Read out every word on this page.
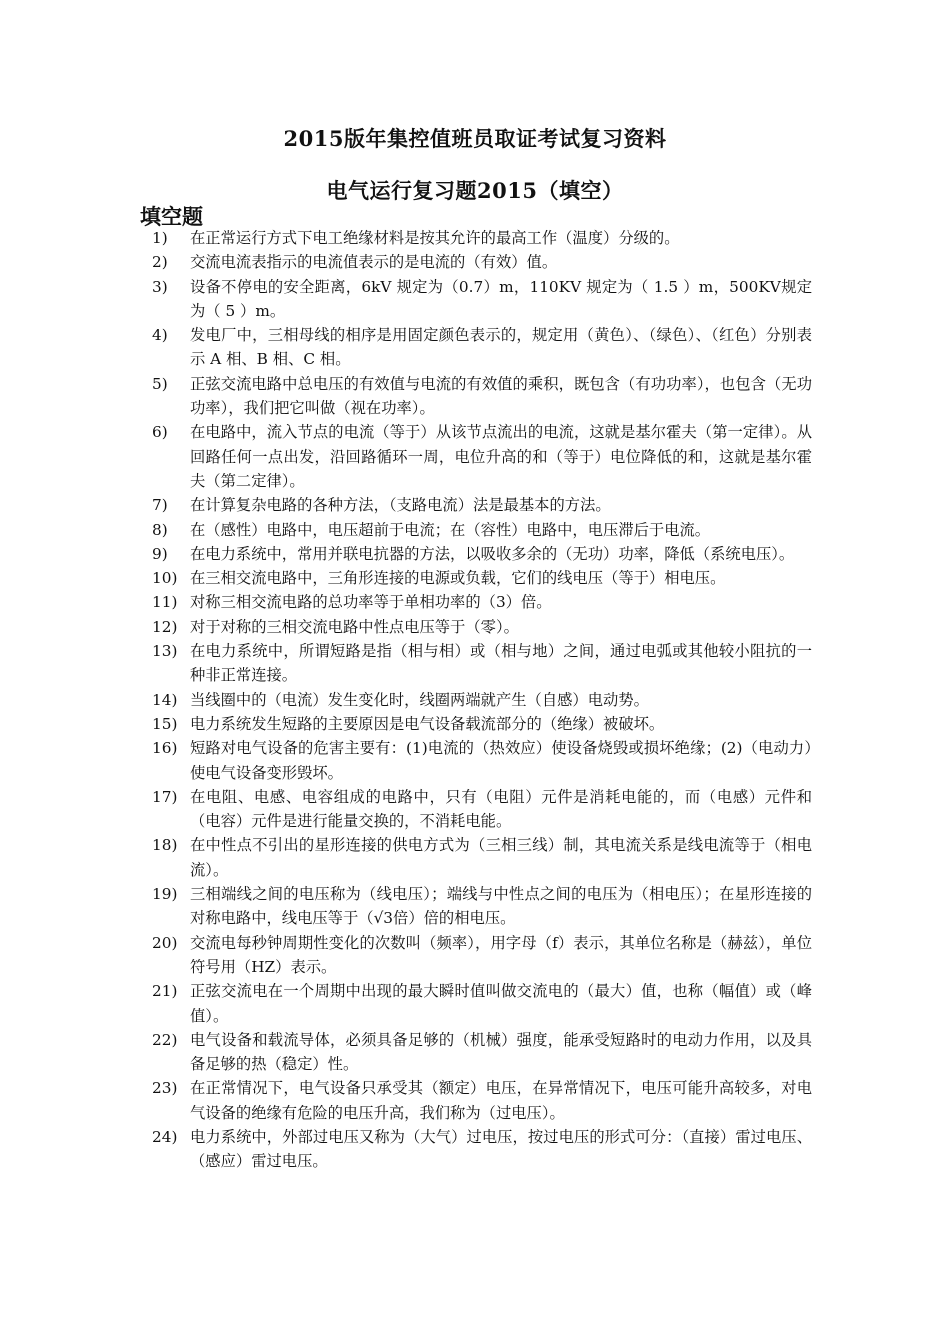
2015版年集控值班员取证考试复习资料
电气运行复习题2015（填空）
填空题
1)	在正常运行方式下电工绝缘材料是按其允许的最高工作（温度）分级的。
2)	交流电流表指示的电流值表示的是电流的（有效）值。
3)	设备不停电的安全距离，6kV 规定为（0.7）m，110KV 规定为（ 1.5 ）m，500KV规定为（ 5 ）m。
4)	发电厂中，三相母线的相序是用固定颜色表示的，规定用（黄色）、（绿色）、（红色）分别表示 A 相、B 相、C 相。
5)	正弦交流电路中总电压的有效值与电流的有效值的乘积，既包含（有功功率），也包含（无功功率），我们把它叫做（视在功率）。
6)	在电路中，流入节点的电流（等于）从该节点流出的电流，这就是基尔霍夫（第一定律）。从回路任何一点出发，沿回路循环一周，电位升高的和（等于）电位降低的和，这就是基尔霍夫（第二定律）。
7)	在计算复杂电路的各种方法，（支路电流）法是最基本的方法。
8)	在（感性）电路中，电压超前于电流；在（容性）电路中，电压滞后于电流。
9)	在电力系统中，常用并联电抗器的方法，以吸收多余的（无功）功率，降低（系统电压）。
10) 在三相交流电路中，三角形连接的电源或负载，它们的线电压（等于）相电压。
11) 对称三相交流电路的总功率等于单相功率的（3）倍。
12) 对于对称的三相交流电路中性点电压等于（零）。
13) 在电力系统中，所谓短路是指（相与相）或（相与地）之间，通过电弧或其他较小阻抗的一种非正常连接。
14) 当线圈中的（电流）发生变化时，线圈两端就产生（自感）电动势。
15) 电力系统发生短路的主要原因是电气设备载流部分的（绝缘）被破坏。
16) 短路对电气设备的危害主要有：(1)电流的（热效应）使设备烧毁或损坏绝缘；(2)（电动力）使电气设备变形毁坏。
17) 在电阻、电感、电容组成的电路中，只有（电阻）元件是消耗电能的，而（电感）元件和（电容）元件是进行能量交换的，不消耗电能。
18) 在中性点不引出的星形连接的供电方式为（三相三线）制，其电流关系是线电流等于（相电流）。
19) 三相端线之间的电压称为（线电压）；端线与中性点之间的电压为（相电压）；在星形连接的对称电路中，线电压等于（√3倍）倍的相电压。
20) 交流电每秒钟周期性变化的次数叫（频率），用字母（f）表示，其单位名称是（赫兹），单位符号用（HZ）表示。
21) 正弦交流电在一个周期中出现的最大瞬时值叫做交流电的（最大）值，也称（幅值）或（峰值）。
22) 电气设备和载流导体，必须具备足够的（机械）强度，能承受短路时的电动力作用，以及具备足够的热（稳定）性。
23) 在正常情况下，电气设备只承受其（额定）电压，在异常情况下，电压可能升高较多，对电气设备的绝缘有危险的电压升高，我们称为（过电压）。
24) 电力系统中，外部过电压又称为（大气）过电压，按过电压的形式可分：（直接）雷过电压、（感应）雷过电压。
